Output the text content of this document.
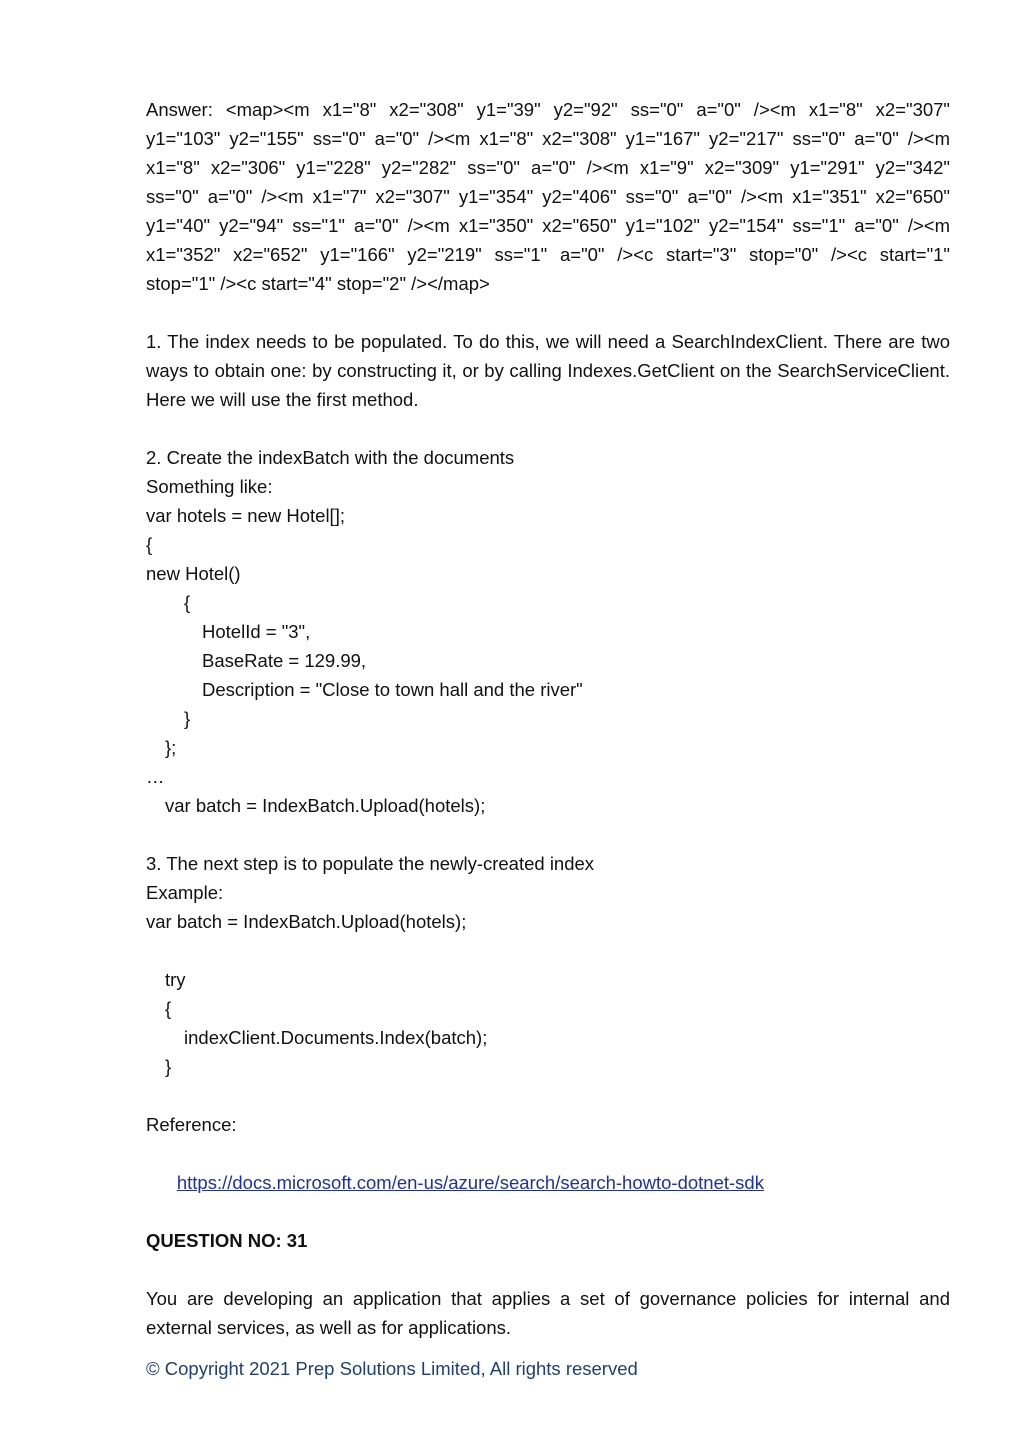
Answer: <map><m x1="8" x2="308" y1="39" y2="92" ss="0" a="0" /><m x1="8" x2="307"

y1="103" y2="155" ss="0" a="0" /><m x1="8" x2="308" y1="167" y2="217" ss="0" a="0" /><m

x1="8" x2="306" y1="228" y2="282" ss="0" a="0" /><m x1="9" x2="309" y1="291" y2="342"

ss="0" a="0" /><m x1="7" x2="307" y1="354" y2="406" ss="0" a="0" /><m x1="351" x2="650"

y1="40" y2="94" ss="1" a="0" /><m x1="350" x2="650" y1="102" y2="154" ss="1" a="0" /><m

x1="352" x2="652" y1="166" y2="219" ss="1" a="0" /><c start="3" stop="0" /><c start="1"

stop="1" /><c start="4" stop="2" /></map>

1. The index needs to be populated. To do this, we will need a SearchIndexClient. There are two

ways to obtain one: by constructing it, or by calling Indexes.GetClient on the SearchServiceClient.

Here we will use the first method.

2. Create the indexBatch with the documents

Something like:

var hotels = new Hotel[];

{

new Hotel()

{

HotelId = "3",

BaseRate = 129.99,

Description = "Close to town hall and the river"

}

};

…

var batch = IndexBatch.Upload(hotels);

3. The next step is to populate the newly-created index

Example:

var batch = IndexBatch.Upload(hotels);

try

{

indexClient.Documents.Index(batch);

}

Reference:

https://docs.microsoft.com/en-us/azure/search/search-howto-dotnet-sdk

QUESTION NO: 31

You are developing an application that applies a set of governance policies for internal and

external services, as well as for applications.

© Copyright 2021 Prep Solutions Limited, All rights reserved
